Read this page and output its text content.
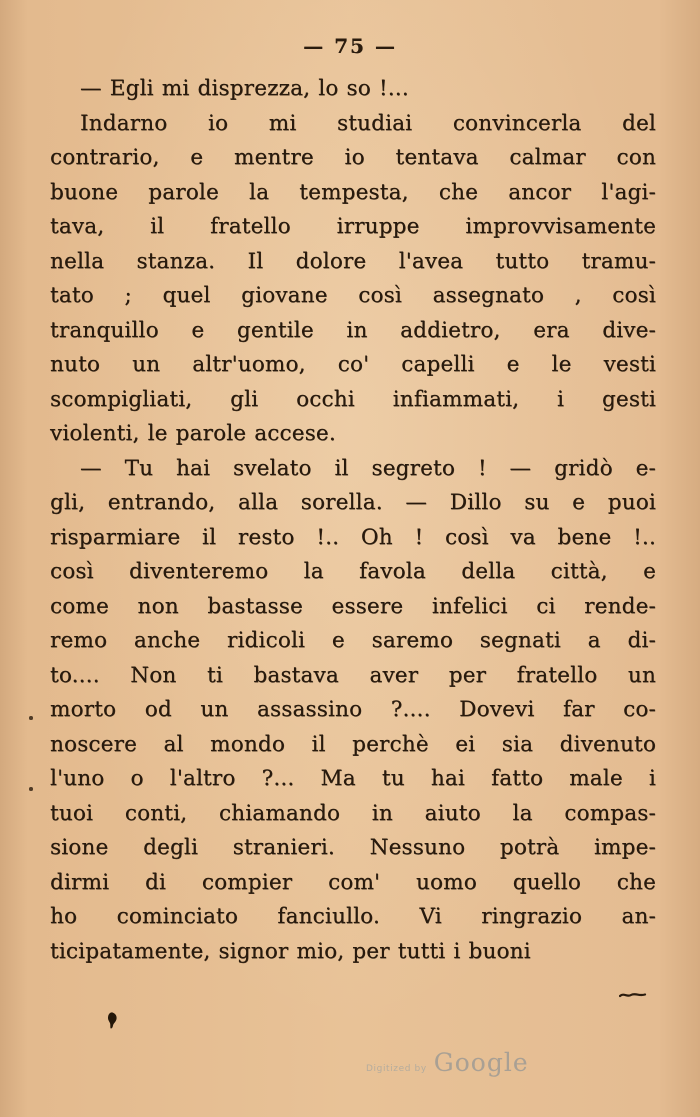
— 75 —
— Egli mi disprezza, lo so !...
Indarno io mi studiai convincerla del
contrario, e mentre io tentava calmar con
buone parole la tempesta, che ancor l'agi-
tava, il fratello irruppe improvvisamente
nella stanza. Il dolore l'avea tutto tramu-
tato ; quel giovane così assegnato , così
tranquillo e gentile in addietro, era dive-
nuto un altr'uomo, co' capelli e le vesti
scompigliati, gli occhi infiammati, i gesti
violenti, le parole accese.
— Tu hai svelato il segreto ! — gridò e-
gli, entrando, alla sorella. — Dillo su e puoi
risparmiare il resto !.. Oh ! così va bene !..
così diventeremo la favola della città, e
come non bastasse essere infelici ci rende-
remo anche ridicoli e saremo segnati a di-
to.... Non ti bastava aver per fratello un
morto od un assassino ?.... Dovevi far co-
noscere al mondo il perchè ei sia divenuto
l'uno o l'altro ?... Ma tu hai fatto male i
tuoi conti, chiamando in aiuto la compas-
sione degli stranieri. Nessuno potrà impe-
dirmi di compier com' uomo quello che
ho cominciato fanciullo. Vi ringrazio an-
ticipatamente, signor mio, per tutti i buoni
Digitized by Google
